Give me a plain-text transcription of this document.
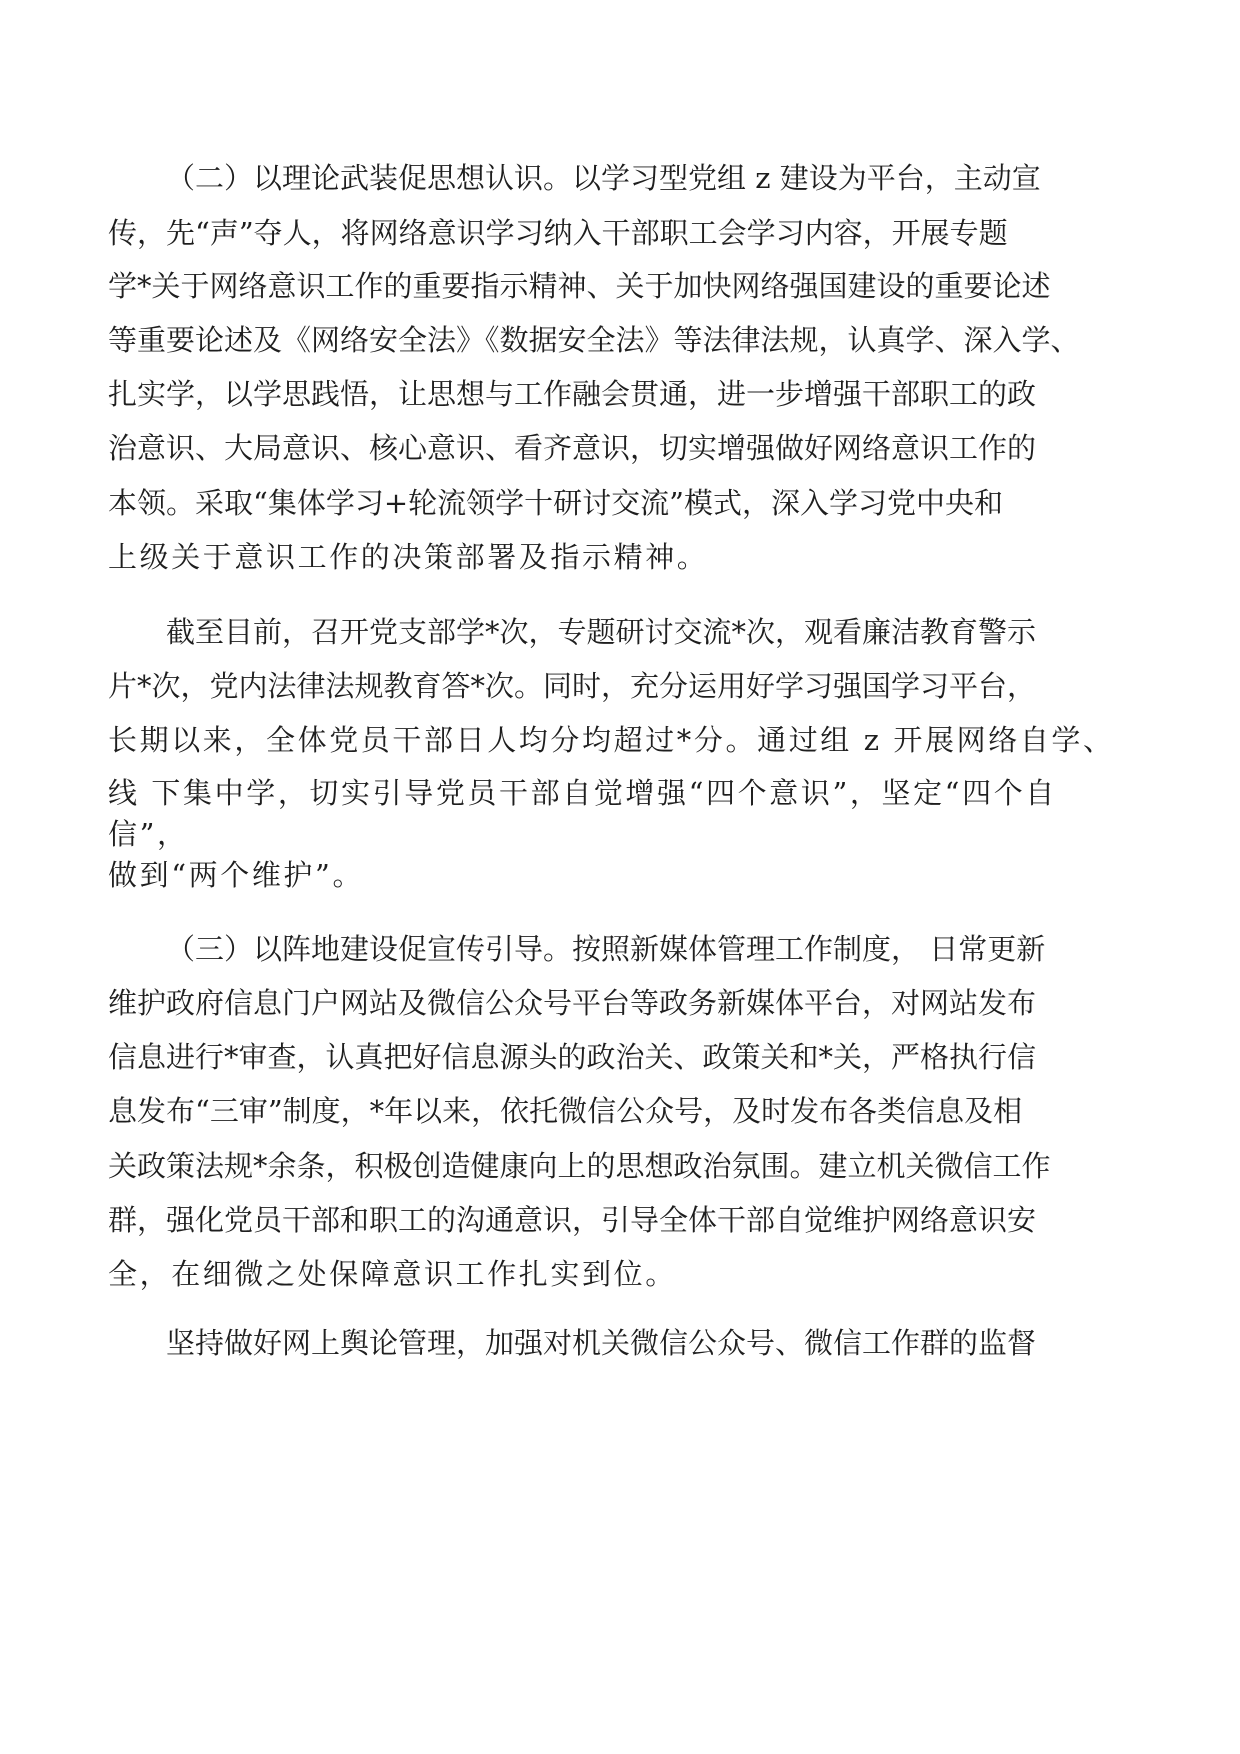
（二）以理论武装促思想认识。以学习型党组 z 建设为平台，主动宣
传，先“声”夺人，将网络意识学习纳入干部职工会学习内容，开展专题
学*关于网络意识工作的重要指示精神、关于加快网络强国建设的重要论述
等重要论述及《网络安全法》《数据安全法》等法律法规，认真学、深入学、
扎实学，以学思践悟，让思想与工作融会贯通，进一步增强干部职工的政
治意识、大局意识、核心意识、看齐意识，切实增强做好网络意识工作的
本领。采取“集体学习+轮流领学十研讨交流”模式，深入学习党中央和
上级关于意识工作的决策部署及指示精神。
截至目前，召开党支部学*次，专题研讨交流*次，观看廉洁教育警示
片*次，党内法律法规教育答*次。同时，充分运用好学习强国学习平台，
长期以来，全体党员干部日人均分均超过*分。通过组 z 开展网络自学、
线 下集中学，切实引导党员干部自觉增强“四个意识”，坚定“四个自
信”，
做到“两个维护”。
（三）以阵地建设促宣传引导。按照新媒体管理工作制度， 日常更新
维护政府信息门户网站及微信公众号平台等政务新媒体平台，对网站发布
信息进行*审查，认真把好信息源头的政治关、政策关和*关，严格执行信
息发布“三审”制度，*年以来，依托微信公众号，及时发布各类信息及相
关政策法规*余条，积极创造健康向上的思想政治氛围。建立机关微信工作
群，强化党员干部和职工的沟通意识，引导全体干部自觉维护网络意识安
全，在细微之处保障意识工作扎实到位。
坚持做好网上舆论管理，加强对机关微信公众号、微信工作群的监督
